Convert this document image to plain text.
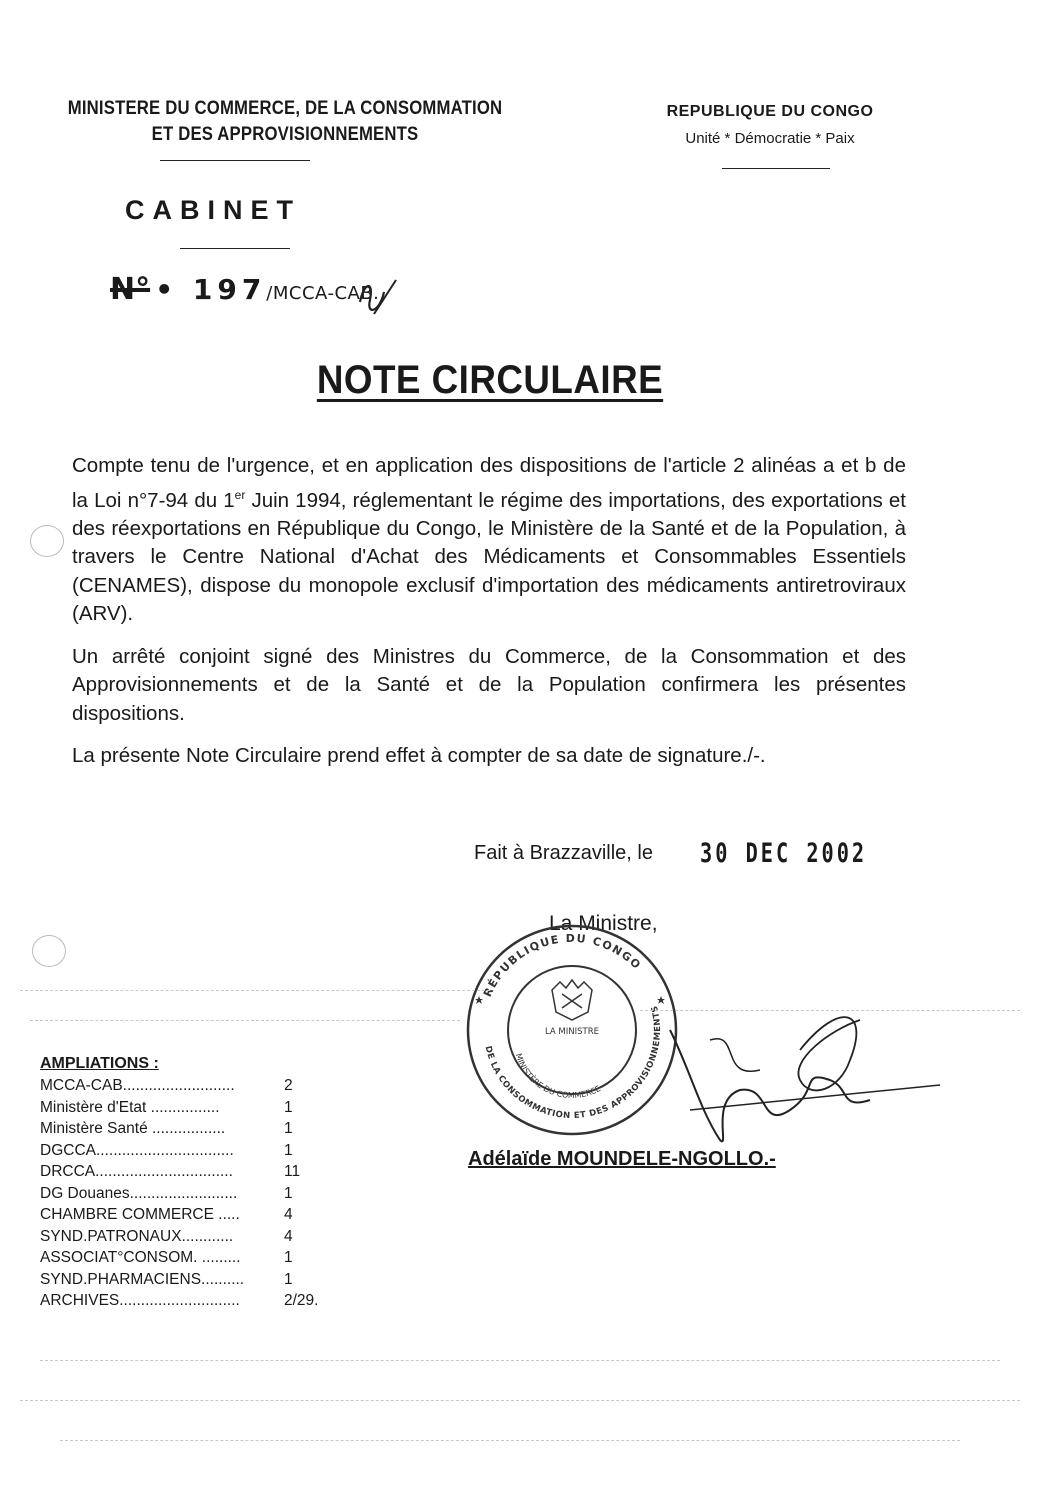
MINISTERE DU COMMERCE, DE LA CONSOMMATION
ET DES APPROVISIONNEMENTS
REPUBLIQUE DU CONGO
Unité * Démocratie * Paix
CABINET
N° • 197/MCCA-CAB.
NOTE CIRCULAIRE

Compte tenu de l'urgence, et en application des dispositions de l'article 2 alinéas a et b de la Loi n°7-94 du 1er Juin 1994, réglementant le régime des importations, des exportations et des réexportations en République du Congo, le Ministère de la Santé et de la Population, à travers le Centre National d'Achat des Médicaments et Consommables Essentiels (CENAMES), dispose du monopole exclusif d'importation des médicaments antiretroviraux (ARV).

Un arrêté conjoint signé des Ministres du Commerce, de la Consommation et des Approvisionnements et de la Santé et de la Population confirmera les présentes dispositions.

La présente Note Circulaire prend effet à compter de sa date de signature./-.

Fait à Brazzaville, le 30 DEC 2002
La Ministre,
RÉPUBLIQUE DU CONGO
DE LA CONSOMMATION ET DES APPROVISIONNEMENTS
LA MINISTRE
MINISTÈRE DU COMMERCE
Adélaïde MOUNDELE-NGOLLO.-
AMPLIATIONS :
MCCA-CAB..........................	2
Ministère d'Etat ................	1
Ministère Santé .................	1
DGCCA................................	1
DRCCA................................	11
DG Douanes.........................	1
CHAMBRE COMMERCE .....	4
SYND.PATRONAUX............	4
ASSOCIAT°CONSOM. .........	1
SYND.PHARMACIENS..........	1
ARCHIVES............................	2/29.
